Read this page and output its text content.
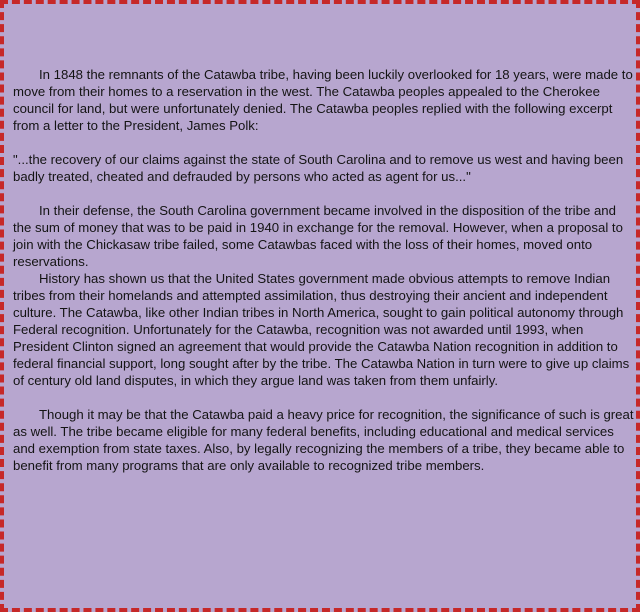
In 1848 the remnants of the Catawba tribe, having been luckily overlooked for 18 years, were made to move from their homes to a reservation in the west. The Catawba peoples appealed to the Cherokee council for land, but were unfortunately denied. The Catawba peoples replied with the following excerpt from a letter to the President, James Polk:

"...the recovery of our claims against the state of South Carolina and to remove us west and having been badly treated, cheated and defrauded by persons who acted as agent for us..."

In their defense, the South Carolina government became involved in the disposition of the tribe and the sum of money that was to be paid in 1940 in exchange for the removal. However, when a proposal to join with the Chickasaw tribe failed, some Catawbas faced with the loss of their homes, moved onto reservations.

History has shown us that the United States government made obvious attempts to remove Indian tribes from their homelands and attempted assimilation, thus destroying their ancient and independent culture. The Catawba, like other Indian tribes in North America, sought to gain political autonomy through Federal recognition. Unfortunately for the Catawba, recognition was not awarded until 1993, when President Clinton signed an agreement that would provide the Catawba Nation recognition in addition to federal financial support, long sought after by the tribe. The Catawba Nation in turn were to give up claims of century old land disputes, in which they argue land was taken from them unfairly.

Though it may be that the Catawba paid a heavy price for recognition, the significance of such is great as well. The tribe became eligible for many federal benefits, including educational and medical services and exemption from state taxes. Also, by legally recognizing the members of a tribe, they became able to benefit from many programs that are only available to recognized tribe members.
